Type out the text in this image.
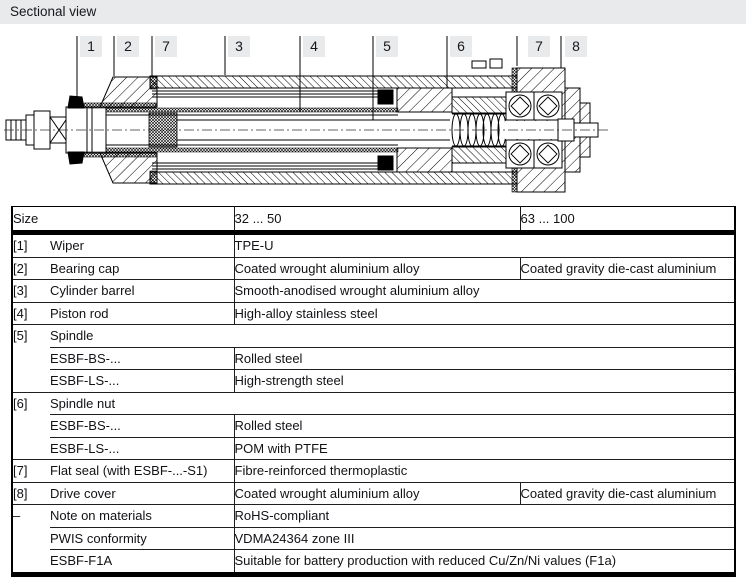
Sectional view
1	2	7	3	4	5	6	7	8
Size		32 ... 50	63 ... 100
[1]	Wiper	TPE-U	
[2]	Bearing cap	Coated wrought aluminium alloy	Coated gravity die-cast aluminium
[3]	Cylinder barrel	Smooth-anodised wrought aluminium alloy	
[4]	Piston rod	High-alloy stainless steel	
[5]	Spindle		
	ESBF-BS-...	Rolled steel	
	ESBF-LS-...	High-strength steel	
[6]	Spindle nut		
	ESBF-BS-...	Rolled steel	
	ESBF-LS-...	POM with PTFE	
[7]	Flat seal (with ESBF-...-S1)	Fibre-reinforced thermoplastic	
[8]	Drive cover	Coated wrought aluminium alloy	Coated gravity die-cast aluminium
–	Note on materials	RoHS-compliant	
	PWIS conformity	VDMA24364 zone III	
	ESBF-F1A	Suitable for battery production with reduced Cu/Zn/Ni values (F1a)	
